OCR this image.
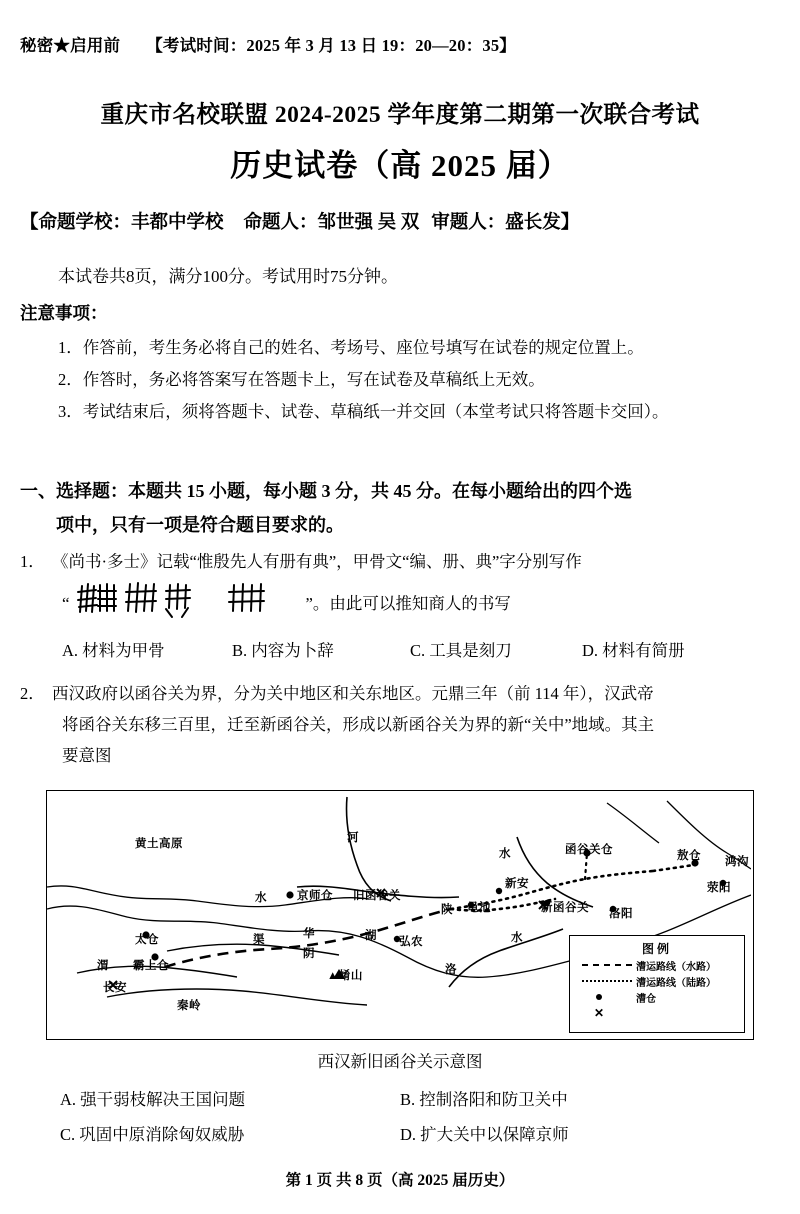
秘密★启用前 【考试时间：2025 年 3 月 13 日 19：20—20：35】
重庆市名校联盟 2024-2025 学年度第二期第一次联合考试
历史试卷（高 2025 届）
【命题学校：丰都中学校 命题人：邹世强 吴 双 审题人：盛长发】
本试卷共8页，满分100分。考试用时75分钟。
注意事项：
1．作答前，考生务必将自己的姓名、考场号、座位号填写在试卷的规定位置上。
2．作答时，务必将答案写在答题卡上，写在试卷及草稿纸上无效。
3．考试结束后，须将答题卡、试卷、草稿纸一并交回（本堂考试只将答题卡交回）。
一、选择题：本题共 15 小题，每小题 3 分，共 45 分。在每小题给出的四个选
项中，只有一项是符合题目要求的。
1． 《尚书·多士》记载“惟殷先人有册有典”，甲骨文“编、册、典”字分别写作
“	”。由此可以推知商人的书写
A. 材料为甲骨	B. 内容为卜辞	C. 工具是刻刀	D. 材料有简册
2． 西汉政府以函谷关为界，分为关中地区和关东地区。元鼎三年（前 114 年），汉武帝
将函谷关东移三百里，迁至新函谷关，形成以新函谷关为界的新“关中”地域。其主
要意图
黄土高原	河
水	京师仓 旧函谷关
陕
新安
函谷关仓	敖仓 鸿沟
荥阳
黾池	新函谷关 洛阳
水
水
渠	华
阴
湖 弘农
洛
太仓
渭 霸上仓
长安
▲崤山
秦岭
图例
漕运路线（水路）
漕运路线（陆路）
漕仓
✕
西汉新旧函谷关示意图
A. 强干弱枝解决王国问题	B. 控制洛阳和防卫关中
C. 巩固中原消除匈奴威胁	D. 扩大关中以保障京师
第 1 页 共 8 页（高 2025 届历史）
